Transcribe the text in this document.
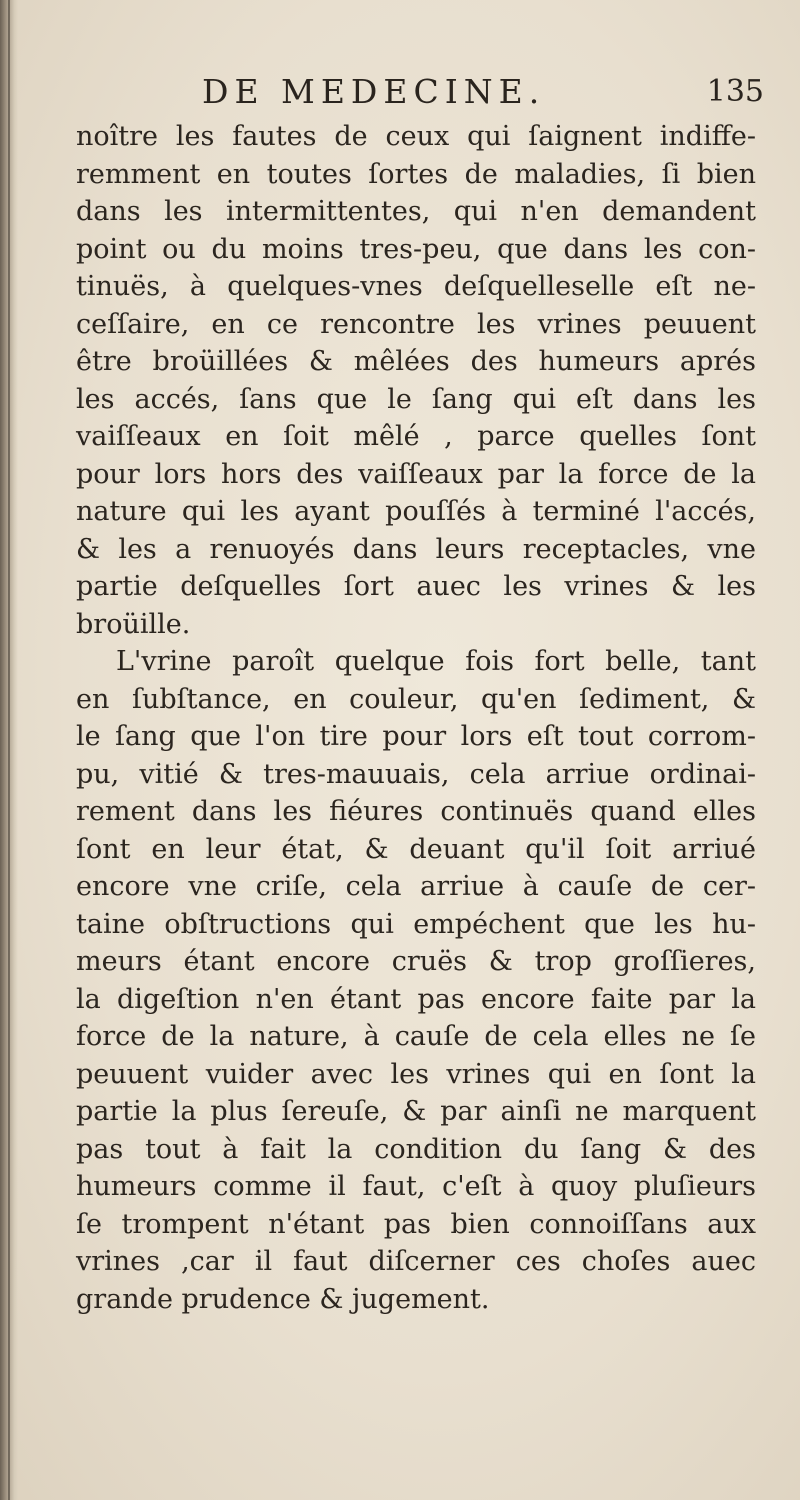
DE MEDECINE.	135
noître les fautes de ceux qui ſaignent indiffe-
remment en toutes ſortes de maladies, ſi bien
dans les intermittentes, qui n'en demandent
point ou du moins tres-peu, que dans les con-
tinuës, à quelques-vnes deſquelleselle eſt ne-
ceſſaire, en ce rencontre les vrines peuuent
être broüillées & mêlées des humeurs aprés
les accés, ſans que le ſang qui eſt dans les
vaiſſeaux en ſoit mêlé , parce quelles ſont
pour lors hors des vaiſſeaux par la force de la
nature qui les ayant pouſſés à terminé l'accés,
& les a renuoyés dans leurs receptacles, vne
partie deſquelles ſort auec les vrines & les
broüille.
L'vrine paroît quelque fois fort belle, tant
en ſubſtance, en couleur, qu'en ſediment, &
le ſang que l'on tire pour lors eſt tout corrom-
pu, vitié & tres-mauuais, cela arriue ordinai-
rement dans les fiéures continuës quand elles
ſont en leur état, & deuant qu'il ſoit arriué
encore vne criſe, cela arriue à cauſe de cer-
taine obſtructions qui empéchent que les hu-
meurs étant encore cruës & trop groſſieres,
la digeſtion n'en étant pas encore faite par la
force de la nature, à cauſe de cela elles ne ſe
peuuent vuider avec les vrines qui en ſont la
partie la plus ſereuſe, & par ainſi ne marquent
pas tout à fait la condition du ſang & des
humeurs comme il faut, c'eſt à quoy pluſieurs
ſe trompent n'étant pas bien connoiſſans aux
vrines ,car il faut diſcerner ces choſes auec
grande prudence & jugement.
